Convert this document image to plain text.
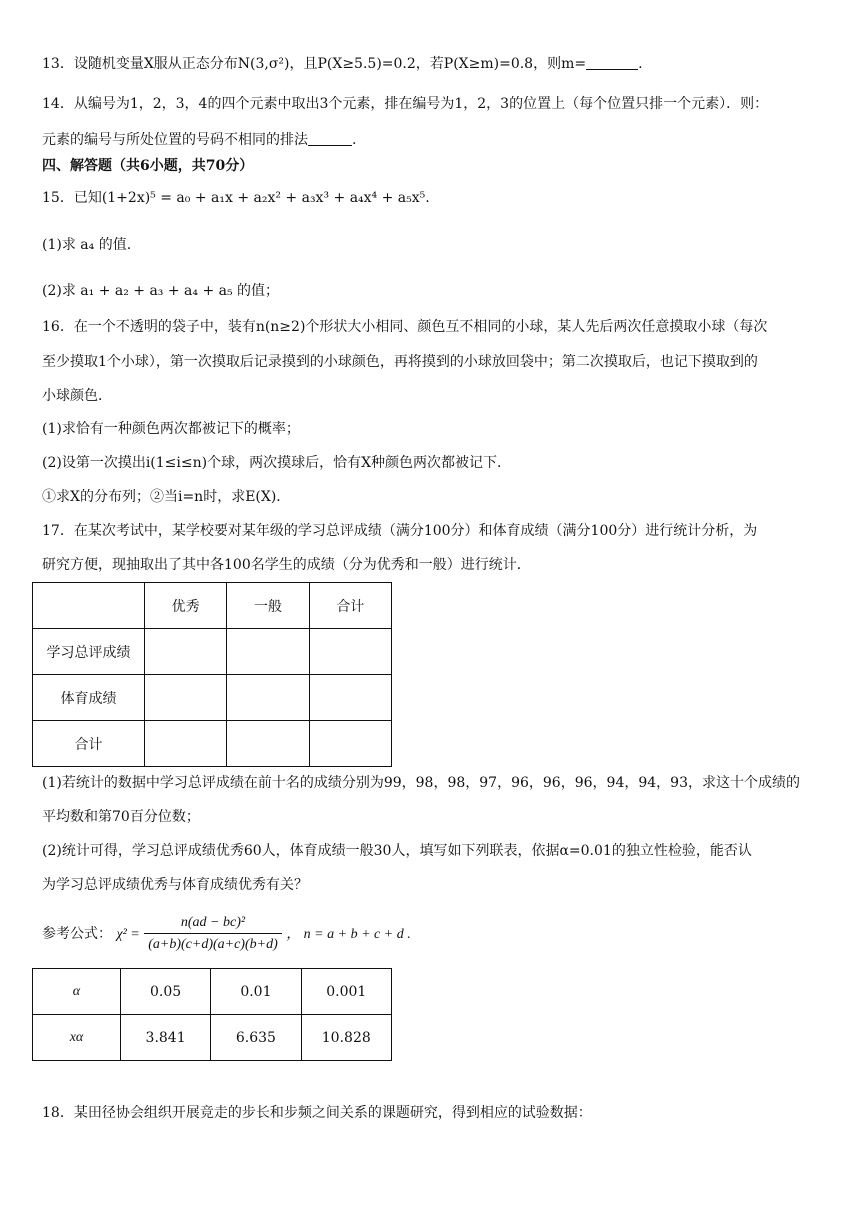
13．设随机变量X服从正态分布N(3,σ²)，且P(X≥5.5)=0.2，若P(X≥m)=0.8，则m=	.
14．从编号为1，2，3，4的四个元素中取出3个元素，排在编号为1，2，3的位置上（每个位置只排一个元素）．则：
元素的编号与所处位置的号码不相同的排法	.
四、解答题（共6小题，共70分）
15．已知(1+2x)⁵ = a₀ + a₁x + a₂x² + a₃x³ + a₄x⁴ + a₅x⁵.
(1)求 a₄ 的值.
(2)求 a₁ + a₂ + a₃ + a₄ + a₅ 的值；
16．在一个不透明的袋子中，装有n(n≥2)个形状大小相同、颜色互不相同的小球，某人先后两次任意摸取小球（每次
至少摸取1个小球），第一次摸取后记录摸到的小球颜色，再将摸到的小球放回袋中；第二次摸取后，也记下摸取到的
小球颜色．
(1)求恰有一种颜色两次都被记下的概率；
(2)设第一次摸出i(1≤i≤n)个球，两次摸球后，恰有X种颜色两次都被记下．
①求X的分布列；②当i=n时，求E(X)．
17．在某次考试中，某学校要对某年级的学习总评成绩（满分100分）和体育成绩（满分100分）进行统计分析，为
研究方便，现抽取出了其中各100名学生的成绩（分为优秀和一般）进行统计．
	优秀	一般	合计
学习总评成绩			
体育成绩			
合计			
(1)若统计的数据中学习总评成绩在前十名的成绩分别为99，98，98，97，96，96，96，94，94，93，求这十个成绩的
平均数和第70百分位数；
(2)统计可得，学习总评成绩优秀60人，体育成绩一般30人，填写如下列联表，依据α=0.01的独立性检验，能否认
为学习总评成绩优秀与体育成绩优秀有关？
参考公式： $\chi^2 = \frac{\text{n(ad − bc)²}}{(a+b)(c+d)(a+c)(b+d)}$ ， n = a + b + c + d .
α	0.05	0.01	0.001
xα	3.841	6.635	10.828
18．某田径协会组织开展竞走的步长和步频之间关系的课题研究，得到相应的试验数据：
